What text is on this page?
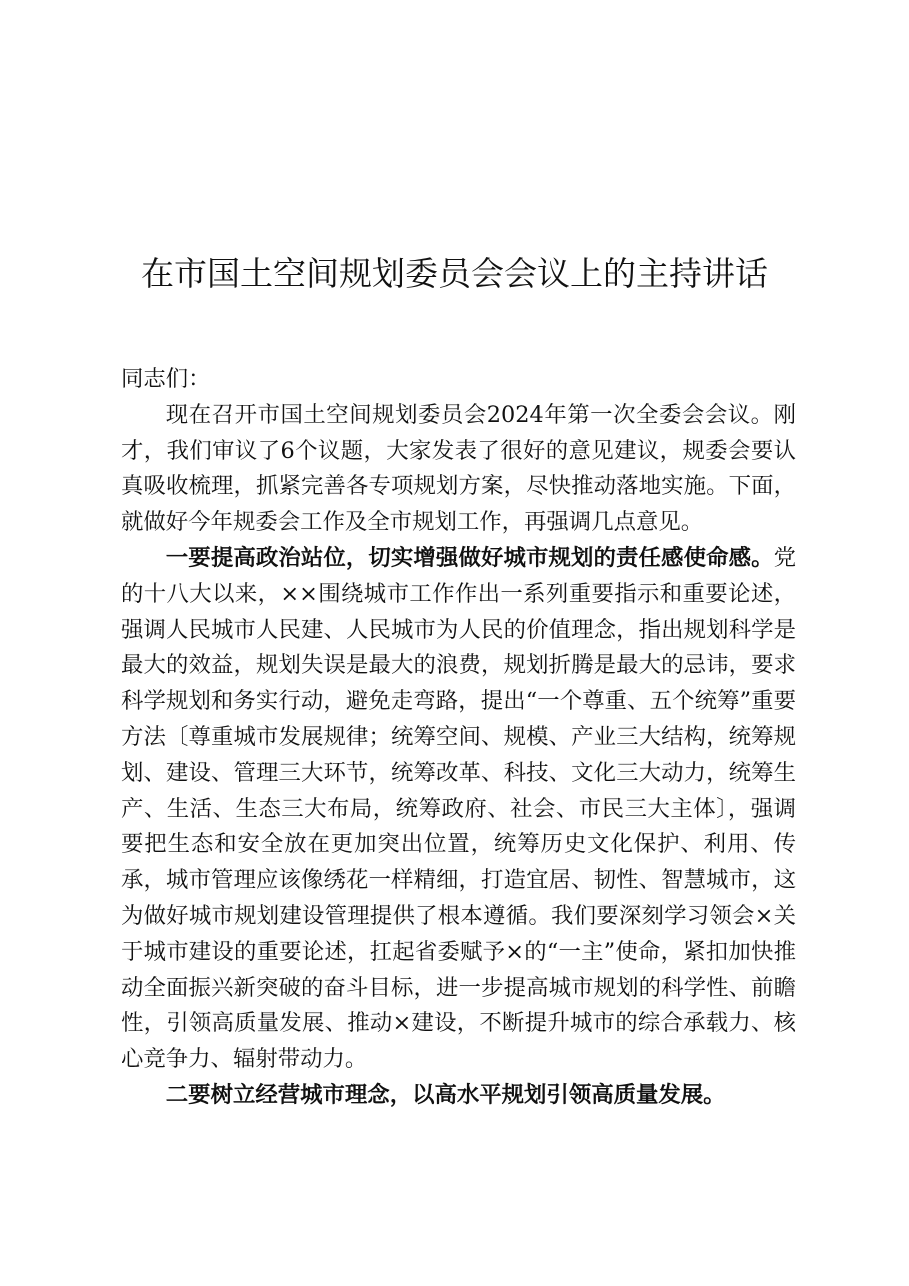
在市国土空间规划委员会会议上的主持讲话

同志们：

现在召开市国土空间规划委员会2024年第一次全委会会议。刚才，我们审议了6个议题，大家发表了很好的意见建议，规委会要认真吸收梳理，抓紧完善各专项规划方案，尽快推动落地实施。下面，就做好今年规委会工作及全市规划工作，再强调几点意见。

一要提高政治站位，切实增强做好城市规划的责任感使命感。党的十八大以来，××围绕城市工作作出一系列重要指示和重要论述，强调人民城市人民建、人民城市为人民的价值理念，指出规划科学是最大的效益，规划失误是最大的浪费，规划折腾是最大的忌讳，要求科学规划和务实行动，避免走弯路，提出“一个尊重、五个统筹”重要方法〔尊重城市发展规律；统筹空间、规模、产业三大结构，统筹规划、建设、管理三大环节，统筹改革、科技、文化三大动力，统筹生产、生活、生态三大布局，统筹政府、社会、市民三大主体〕，强调要把生态和安全放在更加突出位置，统筹历史文化保护、利用、传承，城市管理应该像绣花一样精细，打造宜居、韧性、智慧城市，这为做好城市规划建设管理提供了根本遵循。我们要深刻学习领会×关于城市建设的重要论述，扛起省委赋予×的“一主”使命，紧扣加快推动全面振兴新突破的奋斗目标，进一步提高城市规划的科学性、前瞻性，引领高质量发展、推动×建设，不断提升城市的综合承载力、核心竞争力、辐射带动力。

二要树立经营城市理念，以高水平规划引领高质量发展。
